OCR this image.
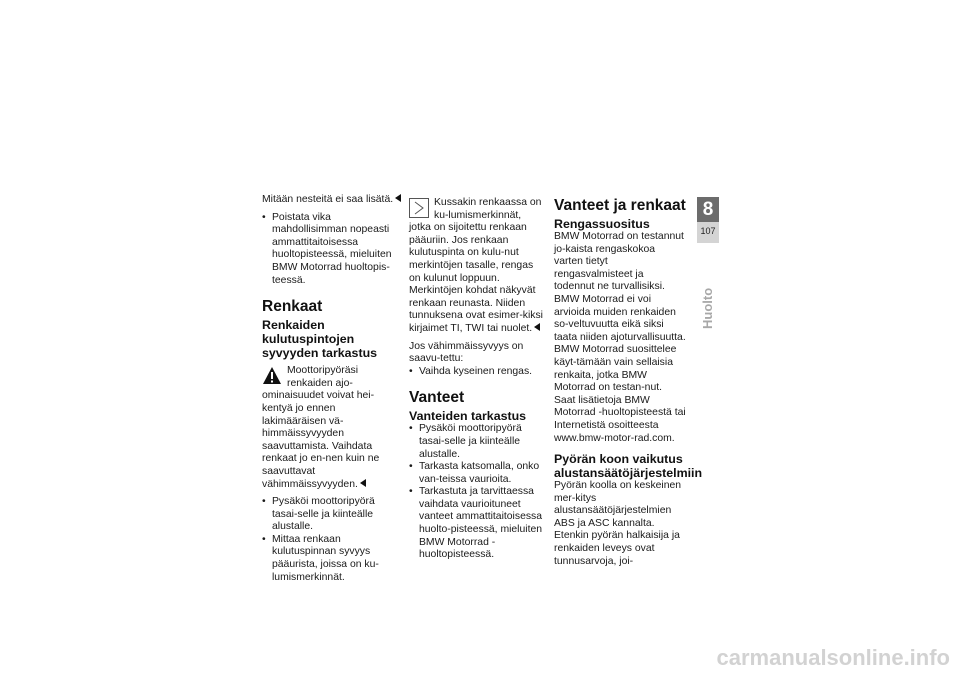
Mitään nesteitä ei saa lisätä.

• Poistata vika mahdollisimman nopeasti ammattitaitoisessa huoltopisteessä, mieluiten BMW Motorrad huoltopis-teessä.
Renkaat
Renkaiden kulutuspintojen syvyyden tarkastus

Moottoripyöräsi renkaiden ajo-ominaisuudet voivat hei-kentyä jo ennen lakimääräisen vä-himmäissyvyyden saavuttamista. Vaihdata renkaat jo en-nen kuin ne saavuttavat vähimmäissyvyyden.

• Pysäköi moottoripyörä tasai-selle ja kiinteälle alustalle.
• Mittaa renkaan kulutuspinnan syvyys pääurista, joissa on ku-lumismerkinnät.

Kussakin renkaassa on ku-lumismerkinnät, jotka on sijoitettu renkaan pääuriin. Jos renkaan kulutuspinta on kulu-nut merkintöjen tasalle, rengas on kulunut loppuun. Merkintöjen kohdat näkyvät renkaan reunasta. Niiden tunnuksena ovat esimer-kiksi kirjaimet TI, TWI tai nuolet.

Jos vähimmäissyvyys on saavu-tettu:

• Vaihda kyseinen rengas.
Vanteet
Vanteiden tarkastus
• Pysäköi moottoripyörä tasai-selle ja kiinteälle alustalle.
• Tarkasta katsomalla, onko van-teissa vaurioita.
• Tarkastuta ja tarvittaessa vaihdata vaurioituneet vanteet ammattitaitoisessa huolto-pisteessä, mieluiten BMW Motorrad -huoltopisteessä.
Vanteet ja renkaat
Rengassuositus

BMW Motorrad on testannut jo-kaista rengaskokoa varten tietyt rengasvalmisteet ja todennut ne turvallisiksi. BMW Motorrad ei voi arvioida muiden renkaiden so-veltuvuutta eikä siksi taata niiden ajoturvallisuutta.

BMW Motorrad suosittelee käyt-tämään vain sellaisia renkaita, jotka BMW Motorrad on testan-nut.

Saat lisätietoja BMW Motorrad -huoltopisteestä tai Internetistä osoitteesta www.bmw-motor-rad.com.

Pyörän koon vaikutus alustansäätöjärjestelmiin

Pyörän koolla on keskeinen mer-kitys alustansäätöjärjestelmien ABS ja ASC kannalta. Etenkin pyörän halkaisija ja renkaiden leveys ovat tunnusarvoja, joi-

8
107
Huolto
carmanualsonline.info
